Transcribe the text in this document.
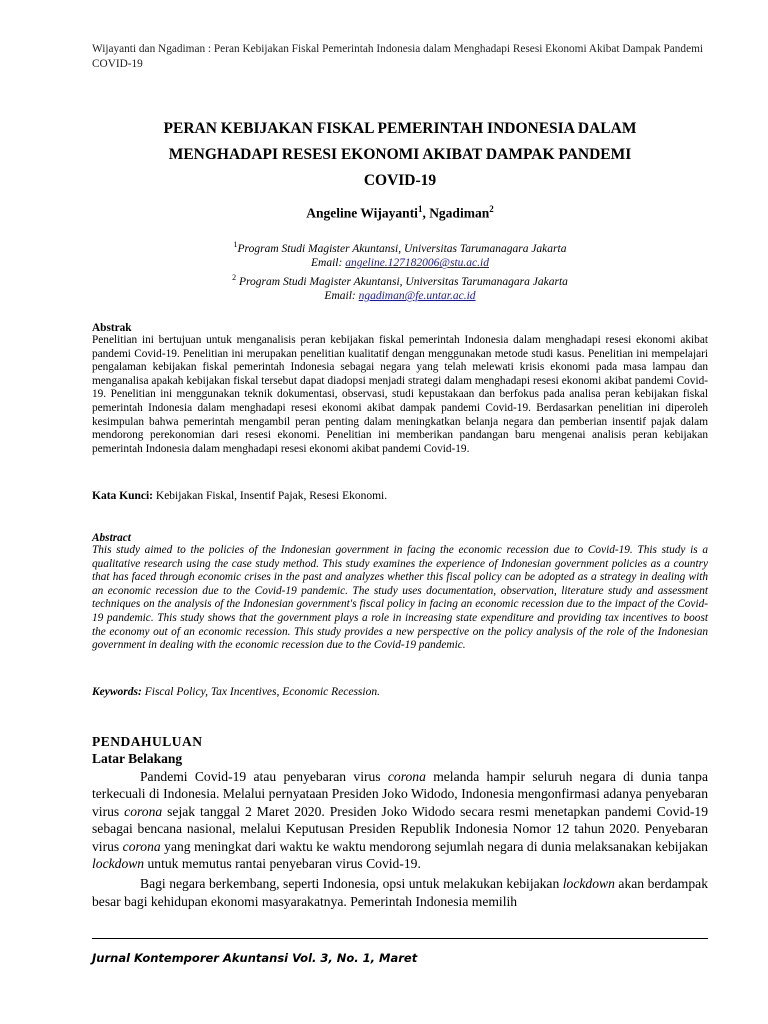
Wijayanti dan Ngadiman : Peran Kebijakan Fiskal Pemerintah Indonesia dalam Menghadapi Resesi Ekonomi Akibat Dampak Pandemi COVID-19
PERAN KEBIJAKAN FISKAL PEMERINTAH INDONESIA DALAM
MENGHADAPI RESESI EKONOMI AKIBAT DAMPAK PANDEMI
COVID-19
Angeline Wijayanti$^1$, Ngadiman$^2$
$^1$Program Studi Magister Akuntansi, Universitas Tarumanagara Jakarta
Email: angeline.127182006@stu.ac.id
$^2$ Program Studi Magister Akuntansi, Universitas Tarumanagara Jakarta
Email: ngadiman@fe.untar.ac.id
Abstrak

Penelitian ini bertujuan untuk menganalisis peran kebijakan fiskal pemerintah Indonesia dalam menghadapi resesi ekonomi akibat pandemi Covid-19. Penelitian ini merupakan penelitian kualitatif dengan menggunakan metode studi kasus. Penelitian ini mempelajari pengalaman kebijakan fiskal pemerintah Indonesia sebagai negara yang telah melewati krisis ekonomi pada masa lampau dan menganalisa apakah kebijakan fiskal tersebut dapat diadopsi menjadi strategi dalam menghadapi resesi ekonomi akibat pandemi Covid-19. Penelitian ini menggunakan teknik dokumentasi, observasi, studi kepustakaan dan berfokus pada analisa peran kebijakan fiskal pemerintah Indonesia dalam menghadapi resesi ekonomi akibat dampak pandemi Covid-19. Berdasarkan penelitian ini diperoleh kesimpulan bahwa pemerintah mengambil peran penting dalam meningkatkan belanja negara dan pemberian insentif pajak dalam mendorong perekonomian dari resesi ekonomi. Penelitian ini memberikan pandangan baru mengenai analisis peran kebijakan pemerintah Indonesia dalam menghadapi resesi ekonomi akibat pandemi Covid-19.

Kata Kunci: Kebijakan Fiskal, Insentif Pajak, Resesi Ekonomi.
Abstract

This study aimed to the policies of the Indonesian government in facing the economic recession due to Covid-19. This study is a qualitative research using the case study method. This study examines the experience of Indonesian government policies as a country that has faced through economic crises in the past and analyzes whether this fiscal policy can be adopted as a strategy in dealing with an economic recession due to the Covid-19 pandemic. The study uses documentation, observation, literature study and assessment techniques on the analysis of the Indonesian government's fiscal policy in facing an economic recession due to the impact of the Covid-19 pandemic. This study shows that the government plays a role in increasing state expenditure and providing tax incentives to boost the economy out of an economic recession. This study provides a new perspective on the policy analysis of the role of the Indonesian government in dealing with the economic recession due to the Covid-19 pandemic.

Keywords: Fiscal Policy, Tax Incentives, Economic Recession.
PENDAHULUAN
Latar Belakang

Pandemi Covid-19 atau penyebaran virus corona melanda hampir seluruh negara di dunia tanpa terkecuali di Indonesia. Melalui pernyataan Presiden Joko Widodo, Indonesia mengonfirmasi adanya penyebaran virus corona sejak tanggal 2 Maret 2020. Presiden Joko Widodo secara resmi menetapkan pandemi Covid-19 sebagai bencana nasional, melalui Keputusan Presiden Republik Indonesia Nomor 12 tahun 2020. Penyebaran virus corona yang meningkat dari waktu ke waktu mendorong sejumlah negara di dunia melaksanakan kebijakan lockdown untuk memutus rantai penyebaran virus Covid-19.

Bagi negara berkembang, seperti Indonesia, opsi untuk melakukan kebijakan lockdown akan berdampak besar bagi kehidupan ekonomi masyarakatnya. Pemerintah Indonesia memilih

Jurnal Kontemporer Akuntansi Vol. 3, No. 1, Maret
